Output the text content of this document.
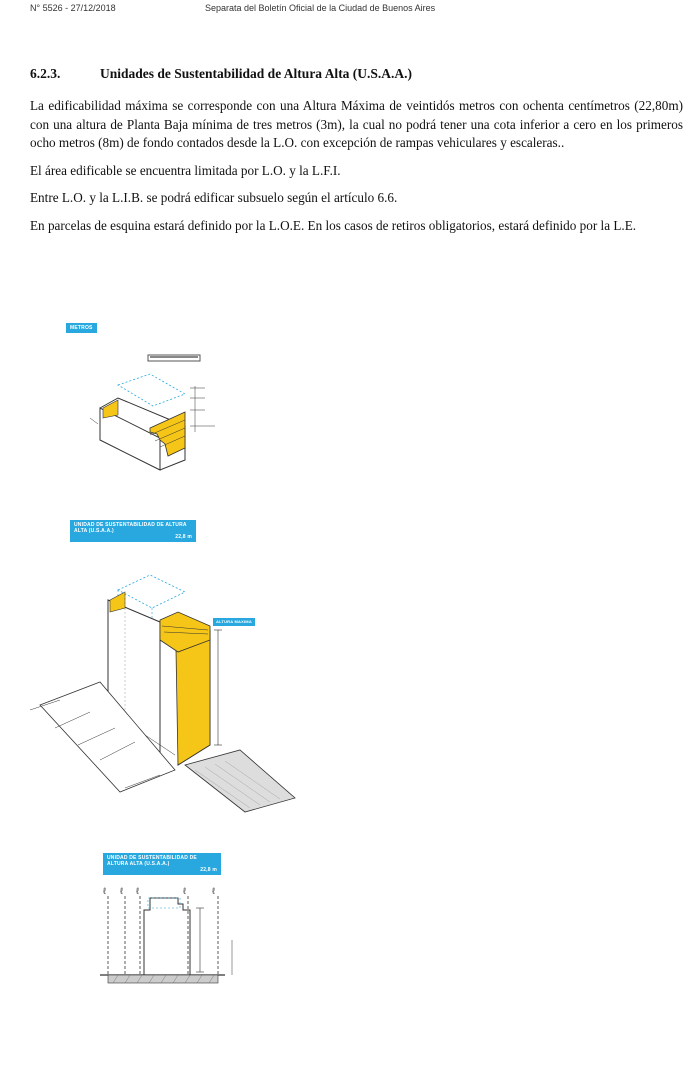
N° 5526 - 27/12/2018	Separata del Boletín Oficial de la Ciudad de Buenos Aires
6.2.3.	Unidades de Sustentabilidad de Altura Alta (U.S.A.A.)

La edificabilidad máxima se corresponde con una Altura Máxima de veintidós metros con ochenta centímetros (22,80m) con una altura de Planta Baja mínima de tres metros (3m), la cual no podrá tener una cota inferior a cero en los primeros ocho metros (8m) de fondo contados desde la L.O. con excepción de rampas vehiculares y escaleras..

El área edificable se encuentra limitada por L.O. y la L.F.I.

Entre L.O. y la L.I.B. se podrá edificar subsuelo según el artículo 6.6.

En parcelas de esquina estará definido por la L.O.E. En los casos de retiros obligatorios, estará definido por la L.E.

METROS
UNIDAD DE SUSTENTABILIDAD DE ALTURA ALTA (U.S.A.A.)

22,8 m
ALTURA MAXIMA
UNIDAD DE SUSTENTABILIDAD DE ALTURA ALTA (U.S.A.A.)

22,8 m
ℓ ℓ ℓ	ℓ	ℓ
